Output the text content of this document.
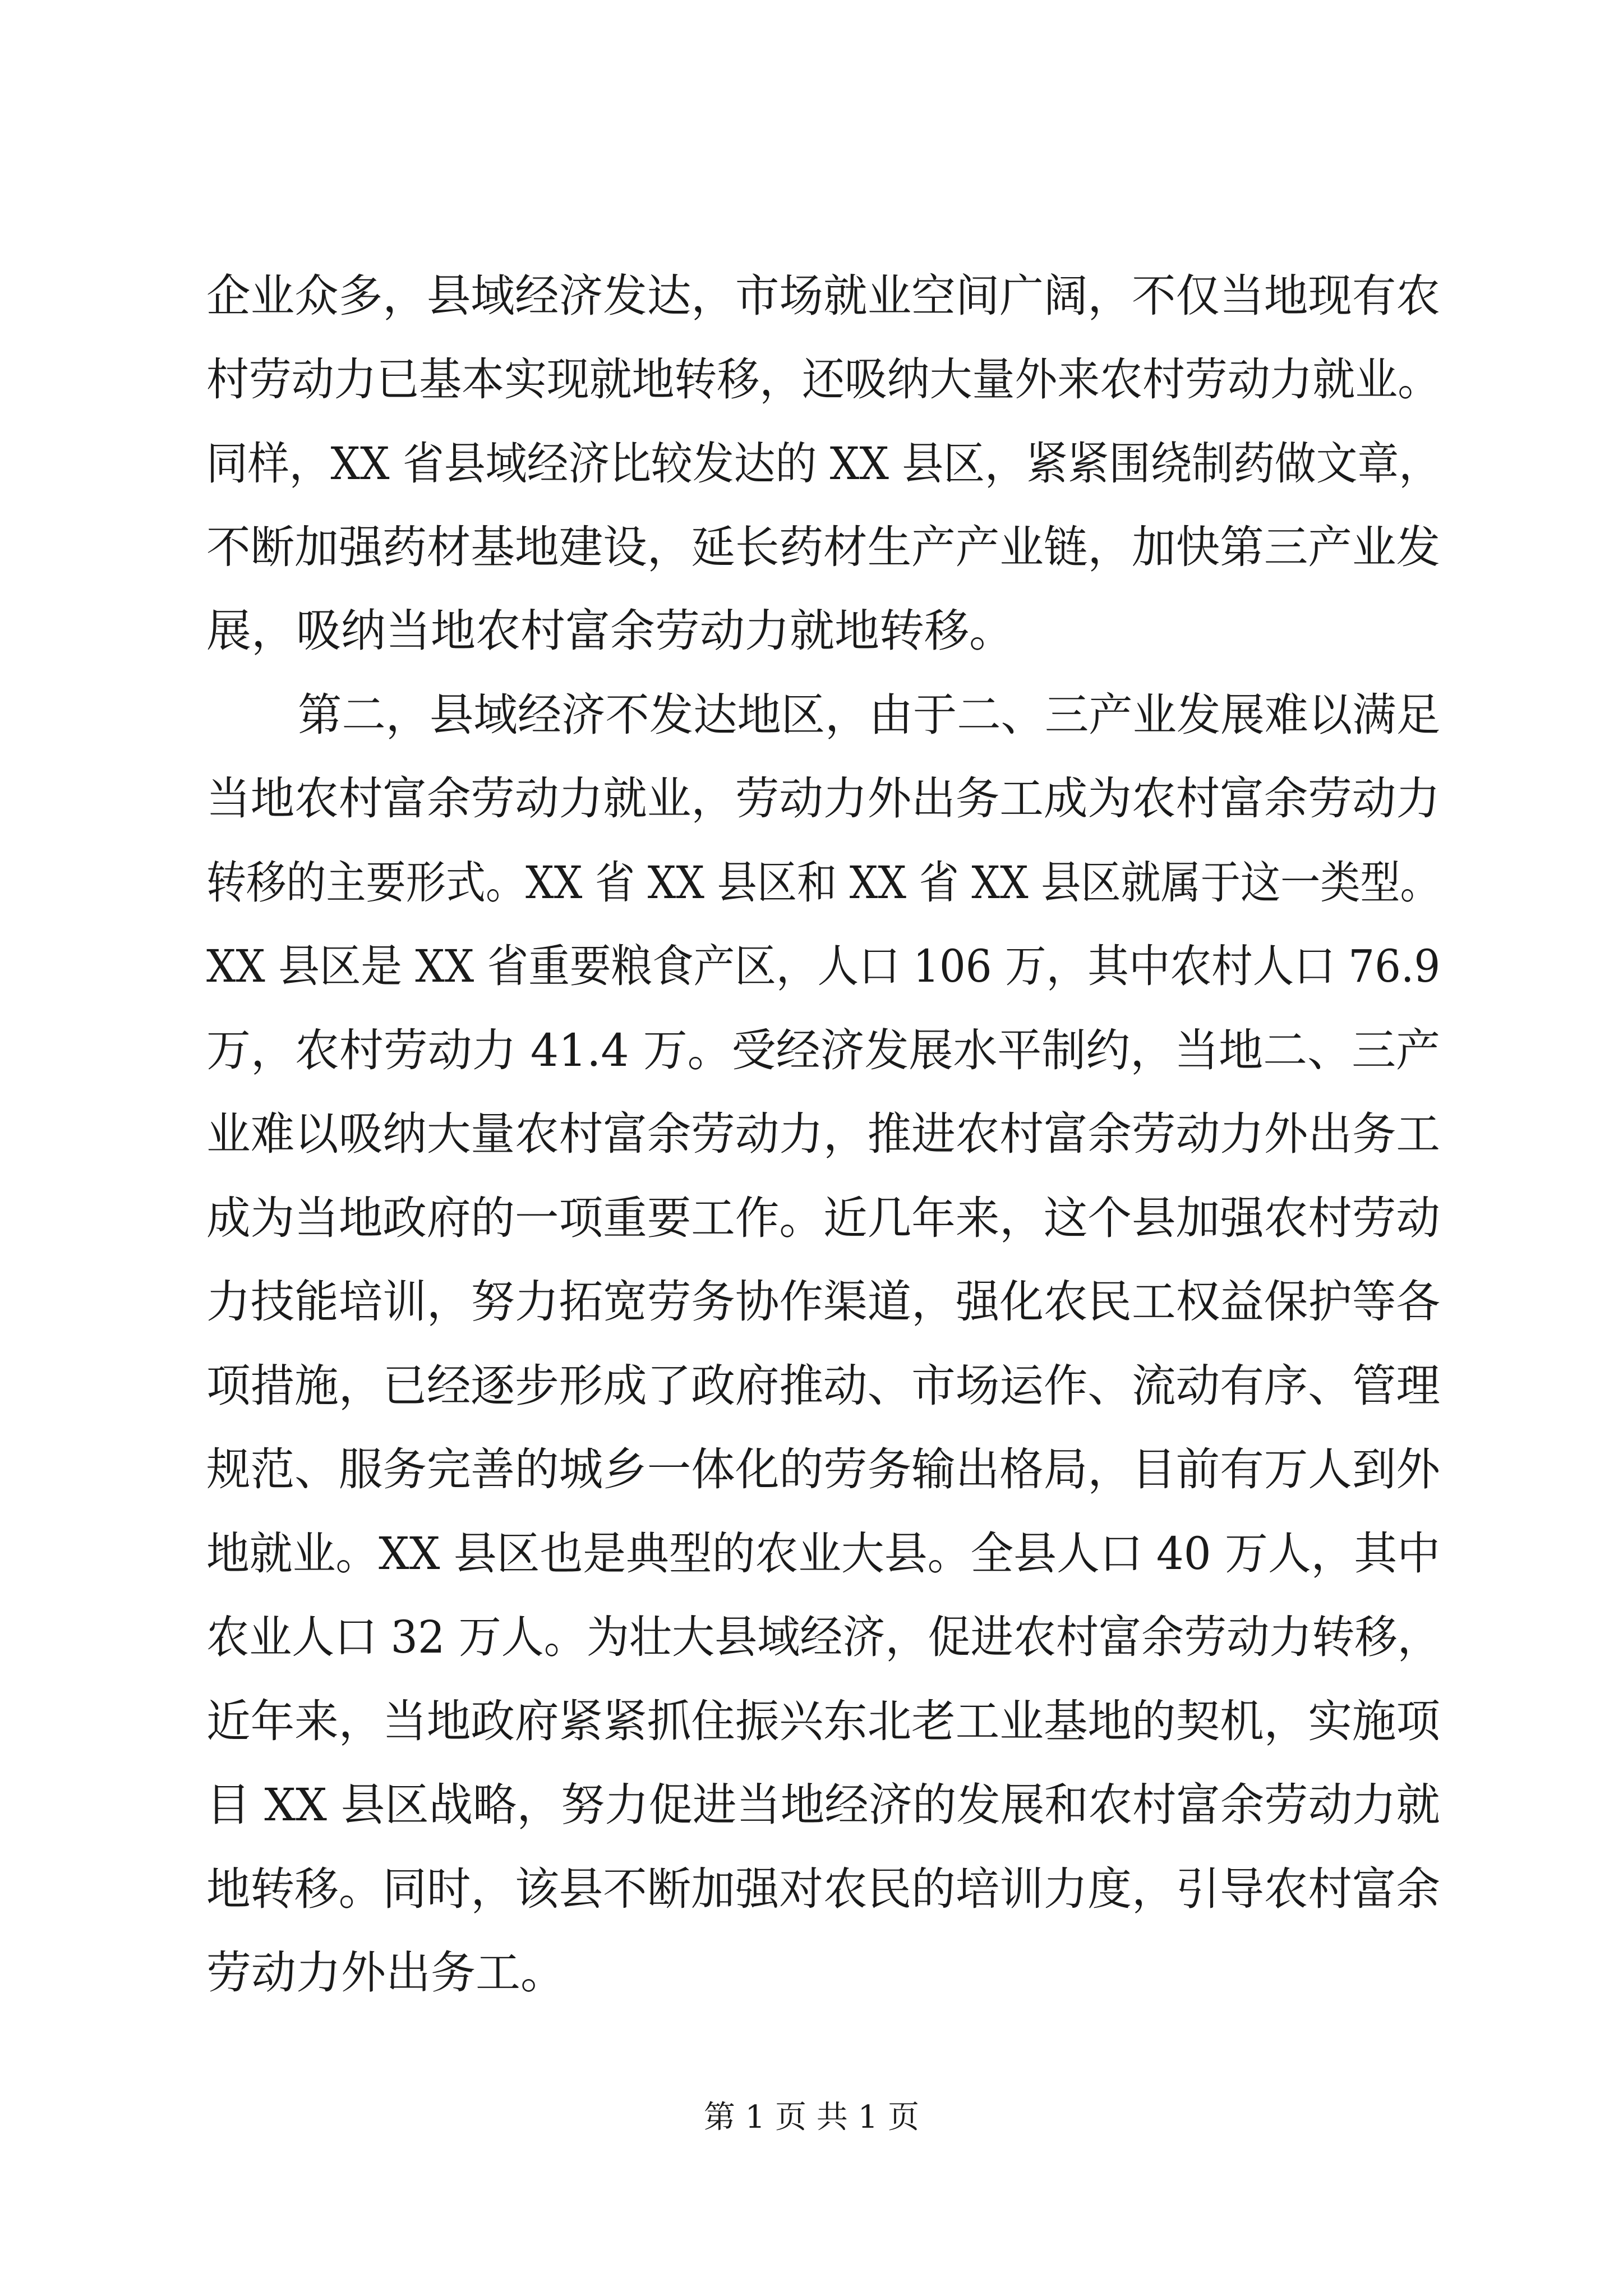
企业众多，县域经济发达，市场就业空间广阔，不仅当地现有农
村劳动力已基本实现就地转移，还吸纳大量外来农村劳动力就业。
同样，XX 省县域经济比较发达的 XX 县区，紧紧围绕制药做文章，
不断加强药材基地建设，延长药材生产产业链，加快第三产业发
展，吸纳当地农村富余劳动力就地转移。
第二，县域经济不发达地区，由于二、三产业发展难以满足
当地农村富余劳动力就业，劳动力外出务工成为农村富余劳动力
转移的主要形式。XX 省 XX 县区和 XX 省 XX 县区就属于这一类型。
XX 县区是 XX 省重要粮食产区，人口 106 万，其中农村人口 76.9
万，农村劳动力 41.4 万。受经济发展水平制约，当地二、三产
业难以吸纳大量农村富余劳动力，推进农村富余劳动力外出务工
成为当地政府的一项重要工作。近几年来，这个县加强农村劳动
力技能培训，努力拓宽劳务协作渠道，强化农民工权益保护等各
项措施，已经逐步形成了政府推动、市场运作、流动有序、管理
规范、服务完善的城乡一体化的劳务输出格局，目前有万人到外
地就业。XX 县区也是典型的农业大县。全县人口 40 万人，其中
农业人口 32 万人。为壮大县域经济，促进农村富余劳动力转移，
近年来，当地政府紧紧抓住振兴东北老工业基地的契机，实施项
目 XX 县区战略，努力促进当地经济的发展和农村富余劳动力就
地转移。同时，该县不断加强对农民的培训力度，引导农村富余
劳动力外出务工。
第 1 页 共 1 页
